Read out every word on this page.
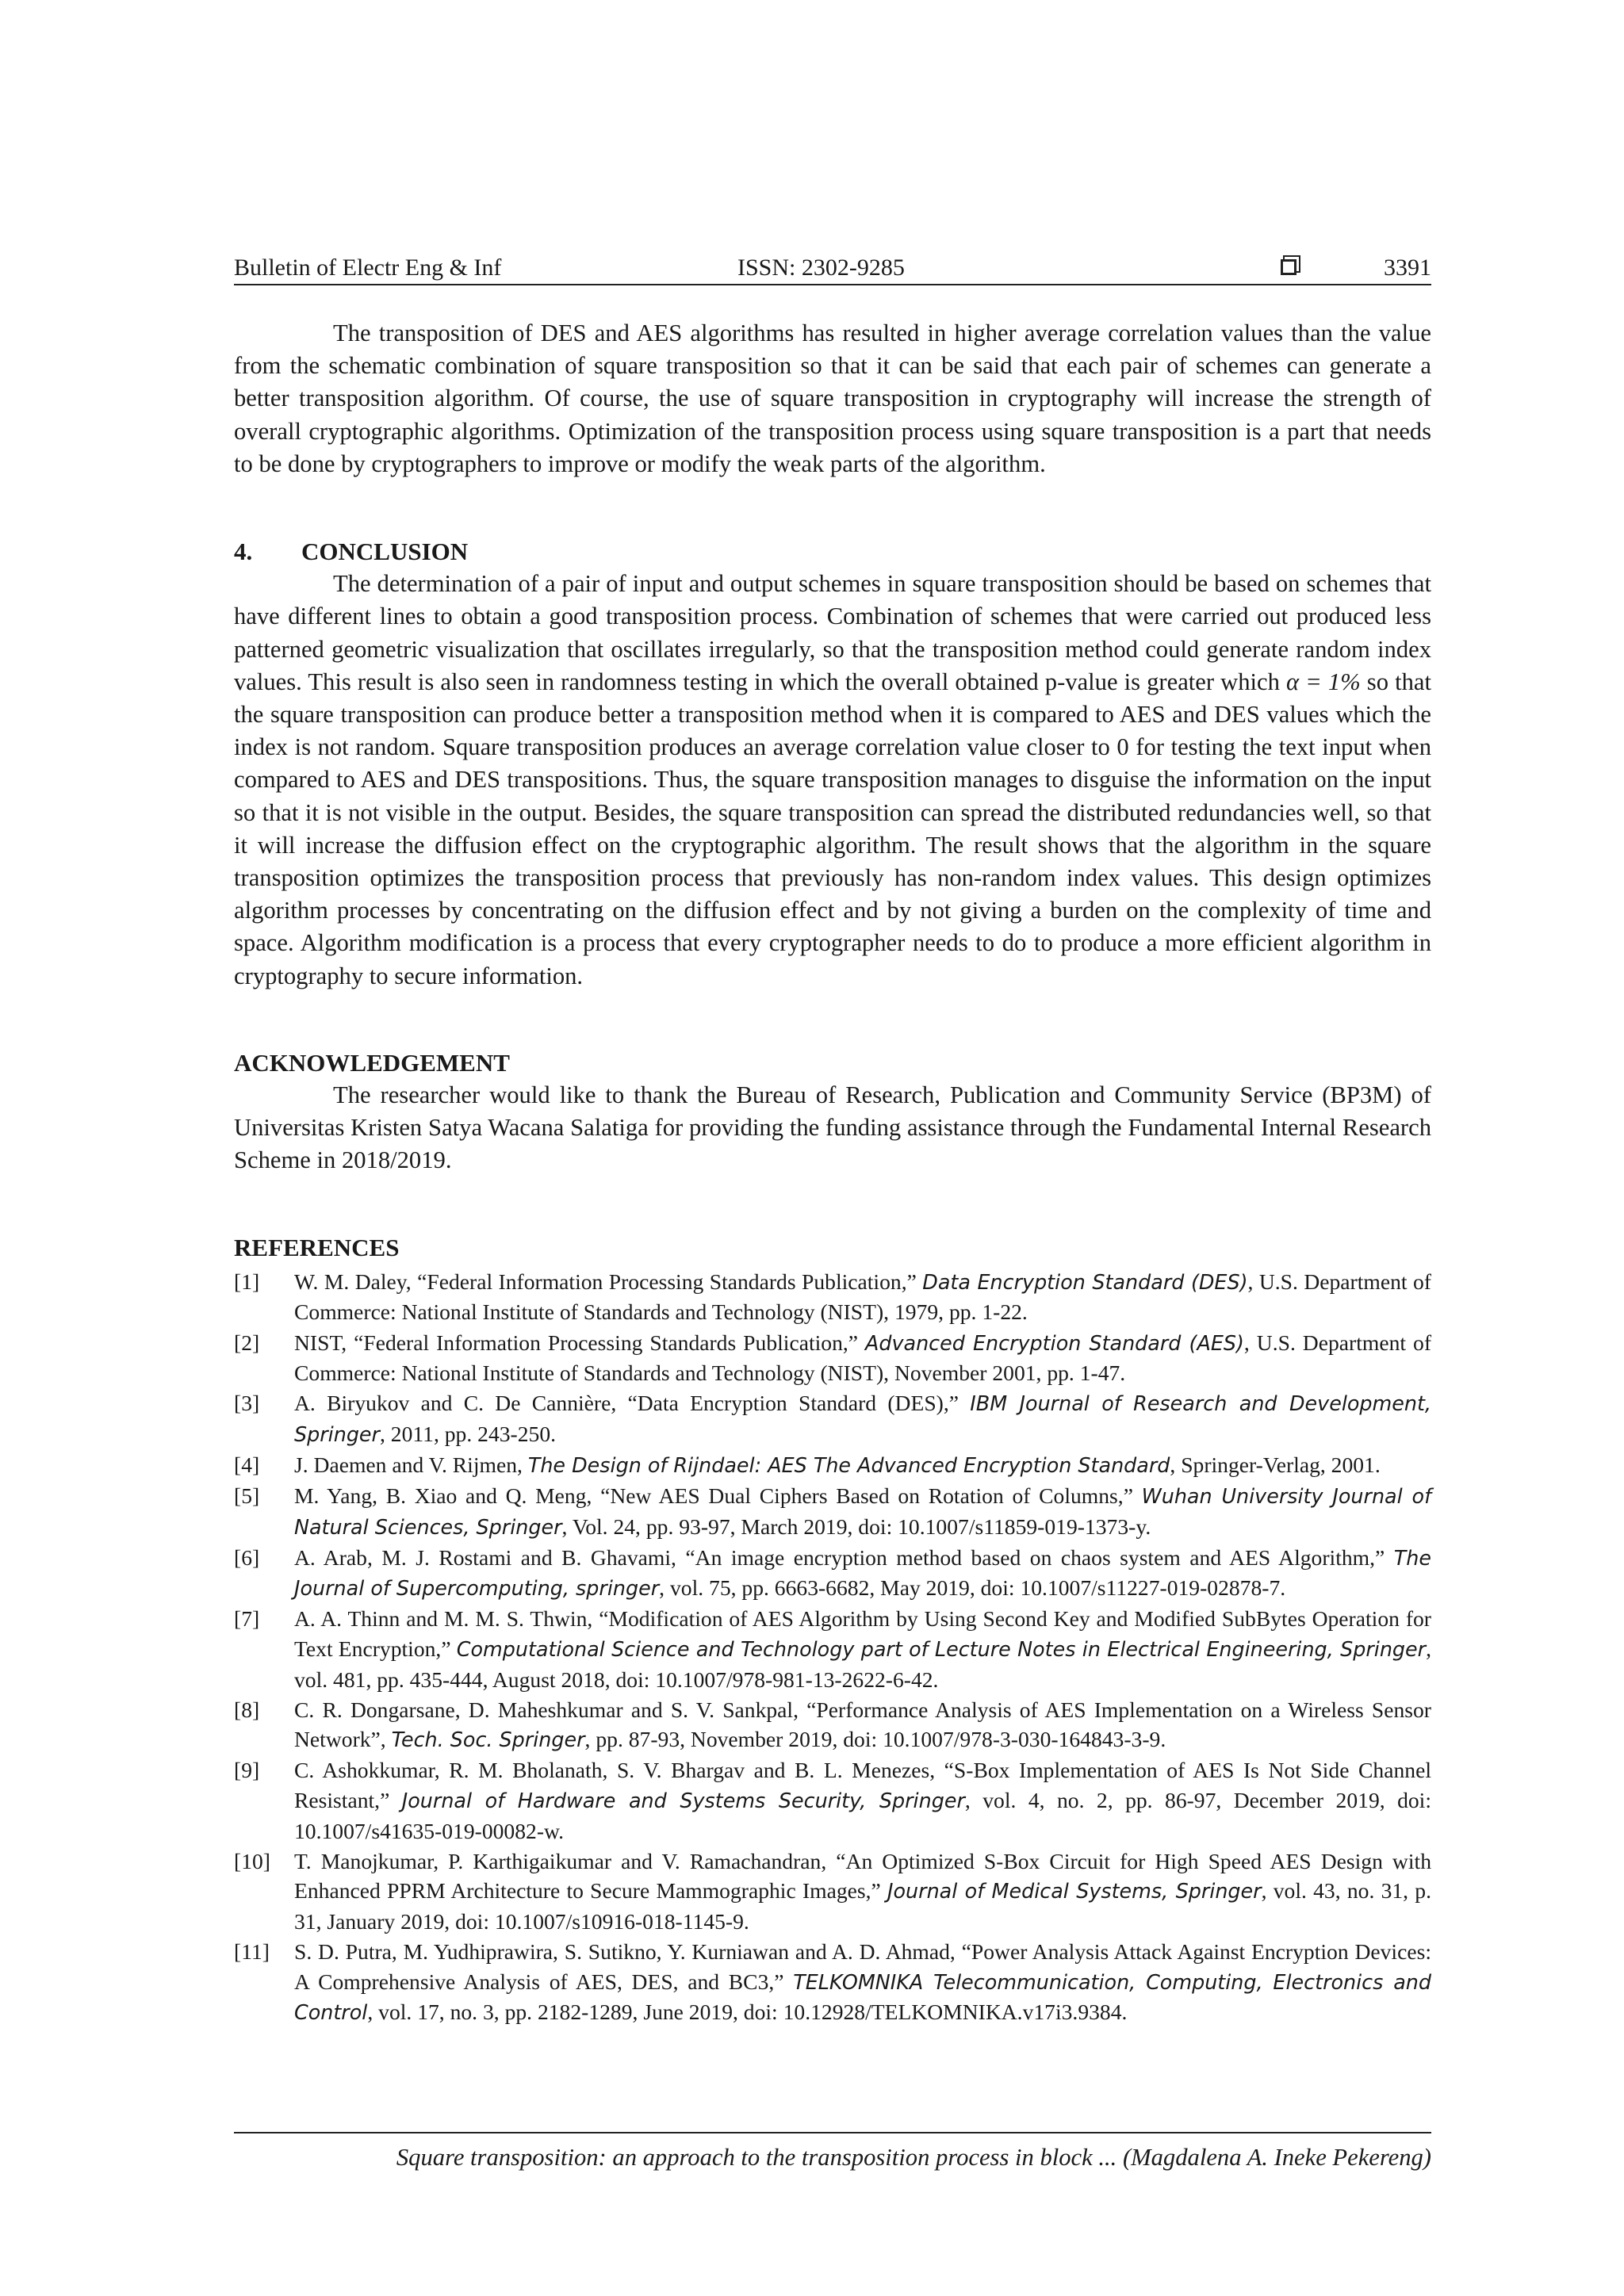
Bulletin of Electr Eng & Inf	ISSN: 2302-9285	3391

The transposition of DES and AES algorithms has resulted in higher average correlation values than the value from the schematic combination of square transposition so that it can be said that each pair of schemes can generate a better transposition algorithm. Of course, the use of square transposition in cryptography will increase the strength of overall cryptographic algorithms. Optimization of the transposition process using square transposition is a part that needs to be done by cryptographers to improve or modify the weak parts of the algorithm.

4. CONCLUSION

The determination of a pair of input and output schemes in square transposition should be based on schemes that have different lines to obtain a good transposition process. Combination of schemes that were carried out produced less patterned geometric visualization that oscillates irregularly, so that the transposition method could generate random index values. This result is also seen in randomness testing in which the overall obtained p-value is greater which α = 1% so that the square transposition can produce better a transposition method when it is compared to AES and DES values which the index is not random. Square transposition produces an average correlation value closer to 0 for testing the text input when compared to AES and DES transpositions. Thus, the square transposition manages to disguise the information on the input so that it is not visible in the output. Besides, the square transposition can spread the distributed redundancies well, so that it will increase the diffusion effect on the cryptographic algorithm. The result shows that the algorithm in the square transposition optimizes the transposition process that previously has non-random index values. This design optimizes algorithm processes by concentrating on the diffusion effect and by not giving a burden on the complexity of time and space. Algorithm modification is a process that every cryptographer needs to do to produce a more efficient algorithm in cryptography to secure information.

ACKNOWLEDGEMENT

The researcher would like to thank the Bureau of Research, Publication and Community Service (BP3M) of Universitas Kristen Satya Wacana Salatiga for providing the funding assistance through the Fundamental Internal Research Scheme in 2018/2019.

REFERENCES
[1] W. M. Daley, “Federal Information Processing Standards Publication,” Data Encryption Standard (DES), U.S. Department of Commerce: National Institute of Standards and Technology (NIST), 1979, pp. 1-22.
[2] NIST, “Federal Information Processing Standards Publication,” Advanced Encryption Standard (AES), U.S. Department of Commerce: National Institute of Standards and Technology (NIST), November 2001, pp. 1-47.
[3] A. Biryukov and C. De Cannière, “Data Encryption Standard (DES),” IBM Journal of Research and Development, Springer, 2011, pp. 243-250.
[4] J. Daemen and V. Rijmen, The Design of Rijndael: AES The Advanced Encryption Standard, Springer-Verlag, 2001.
[5] M. Yang, B. Xiao and Q. Meng, “New AES Dual Ciphers Based on Rotation of Columns,” Wuhan University Journal of Natural Sciences, Springer, Vol. 24, pp. 93-97, March 2019, doi: 10.1007/s11859-019-1373-y.
[6] A. Arab, M. J. Rostami and B. Ghavami, “An image encryption method based on chaos system and AES Algorithm,” The Journal of Supercomputing, springer, vol. 75, pp. 6663-6682, May 2019, doi: 10.1007/s11227-019-02878-7.
[7] A. A. Thinn and M. M. S. Thwin, “Modification of AES Algorithm by Using Second Key and Modified SubBytes Operation for Text Encryption,” Computational Science and Technology part of Lecture Notes in Electrical Engineering, Springer, vol. 481, pp. 435-444, August 2018, doi: 10.1007/978-981-13-2622-6-42.
[8] C. R. Dongarsane, D. Maheshkumar and S. V. Sankpal, “Performance Analysis of AES Implementation on a Wireless Sensor Network”, Tech. Soc. Springer, pp. 87-93, November 2019, doi: 10.1007/978-3-030-164843-3-9.
[9] C. Ashokkumar, R. M. Bholanath, S. V. Bhargav and B. L. Menezes, “S-Box Implementation of AES Is Not Side Channel Resistant,” Journal of Hardware and Systems Security, Springer, vol. 4, no. 2, pp. 86-97, December 2019, doi: 10.1007/s41635-019-00082-w.
[10] T. Manojkumar, P. Karthigaikumar and V. Ramachandran, “An Optimized S-Box Circuit for High Speed AES Design with Enhanced PPRM Architecture to Secure Mammographic Images,” Journal of Medical Systems, Springer, vol. 43, no. 31, p. 31, January 2019, doi: 10.1007/s10916-018-1145-9.
[11] S. D. Putra, M. Yudhiprawira, S. Sutikno, Y. Kurniawan and A. D. Ahmad, “Power Analysis Attack Against Encryption Devices: A Comprehensive Analysis of AES, DES, and BC3,” TELKOMNIKA Telecommunication, Computing, Electronics and Control, vol. 17, no. 3, pp. 2182-1289, June 2019, doi: 10.12928/TELKOMNIKA.v17i3.9384.
Square transposition: an approach to the transposition process in block ... (Magdalena A. Ineke Pekereng)
